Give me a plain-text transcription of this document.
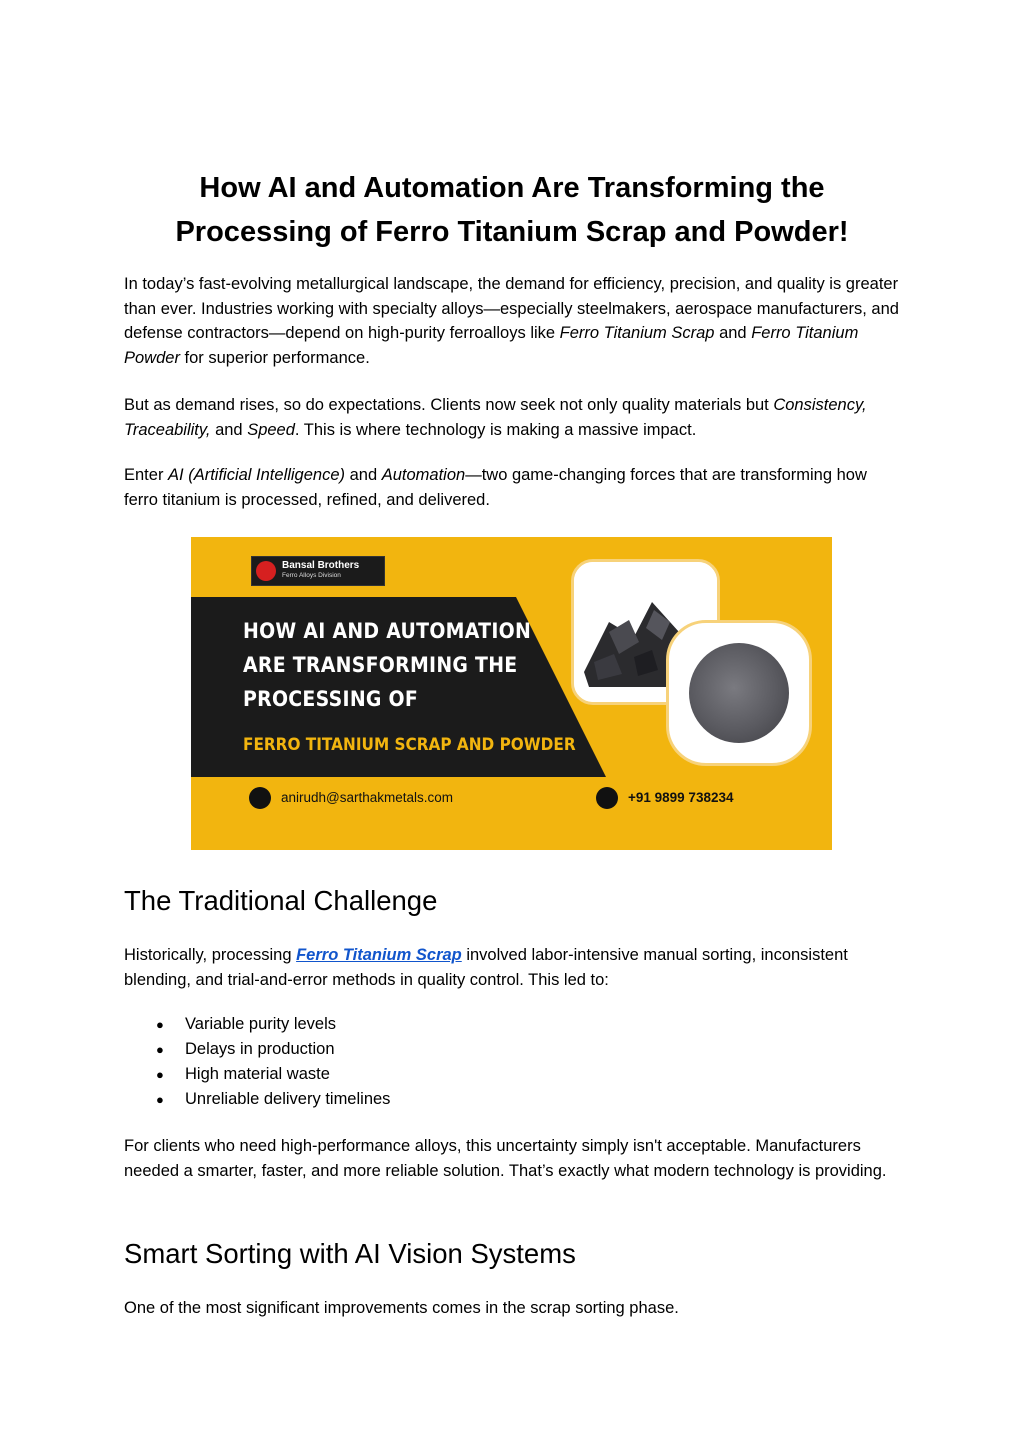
How AI and Automation Are Transforming the Processing of Ferro Titanium Scrap and Powder!

In today’s fast-evolving metallurgical landscape, the demand for efficiency, precision, and quality is greater than ever. Industries working with specialty alloys—especially steelmakers, aerospace manufacturers, and defense contractors—depend on high-purity ferroalloys like Ferro Titanium Scrap and Ferro Titanium Powder for superior performance.

But as demand rises, so do expectations. Clients now seek not only quality materials but Consistency, Traceability, and Speed. This is where technology is making a massive impact.

Enter AI (Artificial Intelligence) and Automation—two game-changing forces that are transforming how ferro titanium is processed, refined, and delivered.

The Traditional Challenge

Historically, processing Ferro Titanium Scrap involved labor-intensive manual sorting, inconsistent blending, and trial-and-error methods in quality control. This led to:

● Variable purity levels
● Delays in production
● High material waste
● Unreliable delivery timelines

For clients who need high-performance alloys, this uncertainty simply isn't acceptable. Manufacturers needed a smarter, faster, and more reliable solution. That’s exactly what modern technology is providing.

Smart Sorting with AI Vision Systems

One of the most significant improvements comes in the scrap sorting phase.

Bansal Brothers
Ferro Alloys Division
HOW AI AND AUTOMATION
ARE TRANSFORMING THE
PROCESSING OF
FERRO TITANIUM SCRAP AND POWDER
anirudh@sarthakmetals.com	+91 9899 738234
